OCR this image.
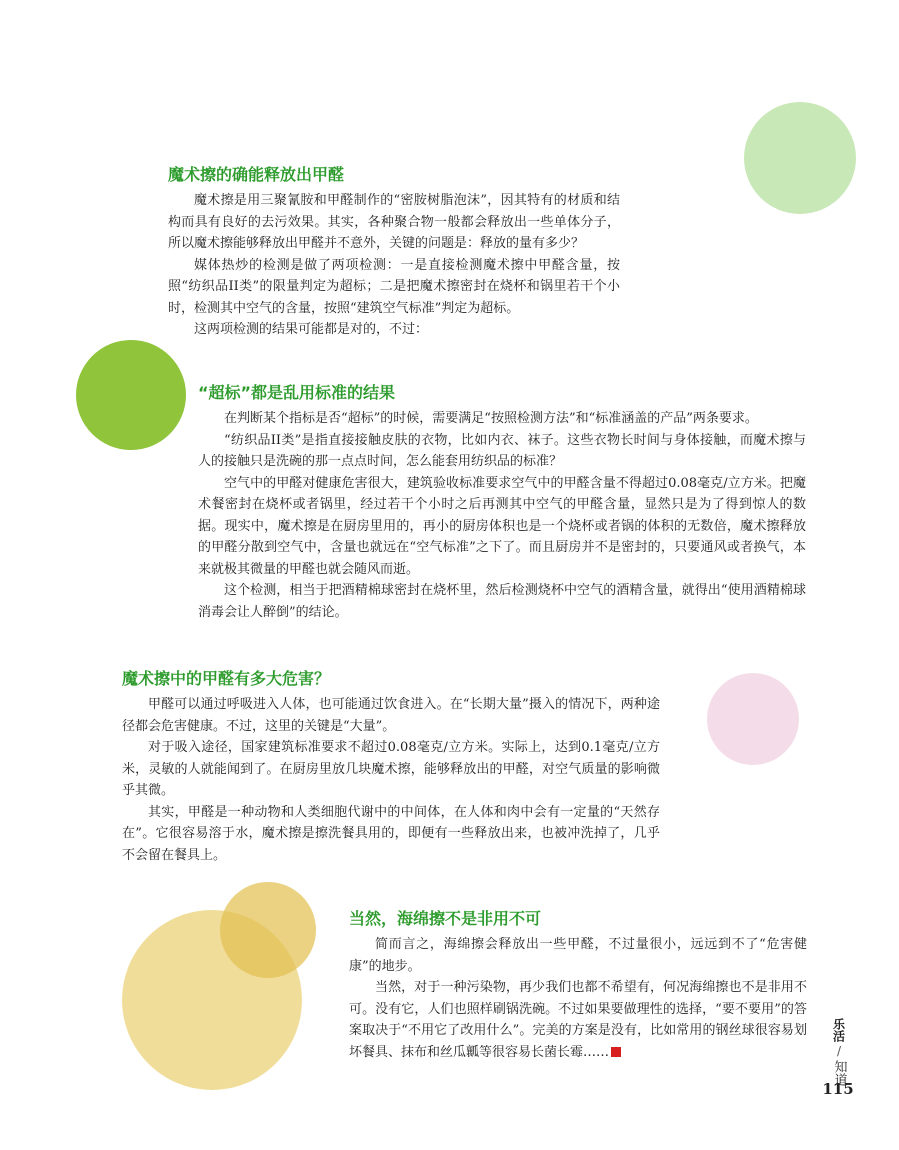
魔术擦的确能释放出甲醛

魔术擦是用三聚氰胺和甲醛制作的“密胺树脂泡沫”，因其特有的材质和结构而具有良好的去污效果。其实，各种聚合物一般都会释放出一些单体分子，所以魔术擦能够释放出甲醛并不意外，关键的问题是：释放的量有多少？

媒体热炒的检测是做了两项检测：一是直接检测魔术擦中甲醛含量，按照“纺织品II类”的限量判定为超标；二是把魔术擦密封在烧杯和锅里若干个小时，检测其中空气的含量，按照“建筑空气标准”判定为超标。

这两项检测的结果可能都是对的，不过：

“超标”都是乱用标准的结果

在判断某个指标是否“超标”的时候，需要满足“按照检测方法”和“标准涵盖的产品”两条要求。

“纺织品II类”是指直接接触皮肤的衣物，比如内衣、袜子。这些衣物长时间与身体接触，而魔术擦与人的接触只是洗碗的那一点点时间，怎么能套用纺织品的标准？

空气中的甲醛对健康危害很大，建筑验收标准要求空气中的甲醛含量不得超过0.08毫克/立方米。把魔术餐密封在烧杯或者锅里，经过若干个小时之后再测其中空气的甲醛含量，显然只是为了得到惊人的数据。现实中，魔术擦是在厨房里用的，再小的厨房体积也是一个烧杯或者锅的体积的无数倍，魔术擦释放的甲醛分散到空气中，含量也就远在“空气标准”之下了。而且厨房并不是密封的，只要通风或者换气，本来就极其微量的甲醛也就会随风而逝。

这个检测，相当于把酒精棉球密封在烧杯里，然后检测烧杯中空气的酒精含量，就得出“使用酒精棉球消毒会让人醉倒”的结论。

魔术擦中的甲醛有多大危害？

甲醛可以通过呼吸进入人体，也可能通过饮食进入。在“长期大量”摄入的情况下，两种途径都会危害健康。不过，这里的关键是“大量”。

对于吸入途径，国家建筑标准要求不超过0.08毫克/立方米。实际上，达到0.1毫克/立方米，灵敏的人就能闻到了。在厨房里放几块魔术擦，能够释放出的甲醛，对空气质量的影响微乎其微。

其实，甲醛是一种动物和人类细胞代谢中的中间体，在人体和肉中会有一定量的“天然存在”。它很容易溶于水，魔术擦是擦洗餐具用的，即便有一些释放出来，也被冲洗掉了，几乎不会留在餐具上。

当然，海绵擦不是非用不可

简而言之，海绵擦会释放出一些甲醛，不过量很小，远远到不了“危害健康”的地步。

当然，对于一种污染物，再少我们也都不希望有，何况海绵擦也不是非用不可。没有它，人们也照样刷锅洗碗。不过如果要做理性的选择，“要不要用”的答案取决于“不用它了改用什么”。完美的方案是没有，比如常用的钢丝球很容易划坏餐具、抹布和丝瓜瓤等很容易长菌长霉……

乐活
/
知道
115
